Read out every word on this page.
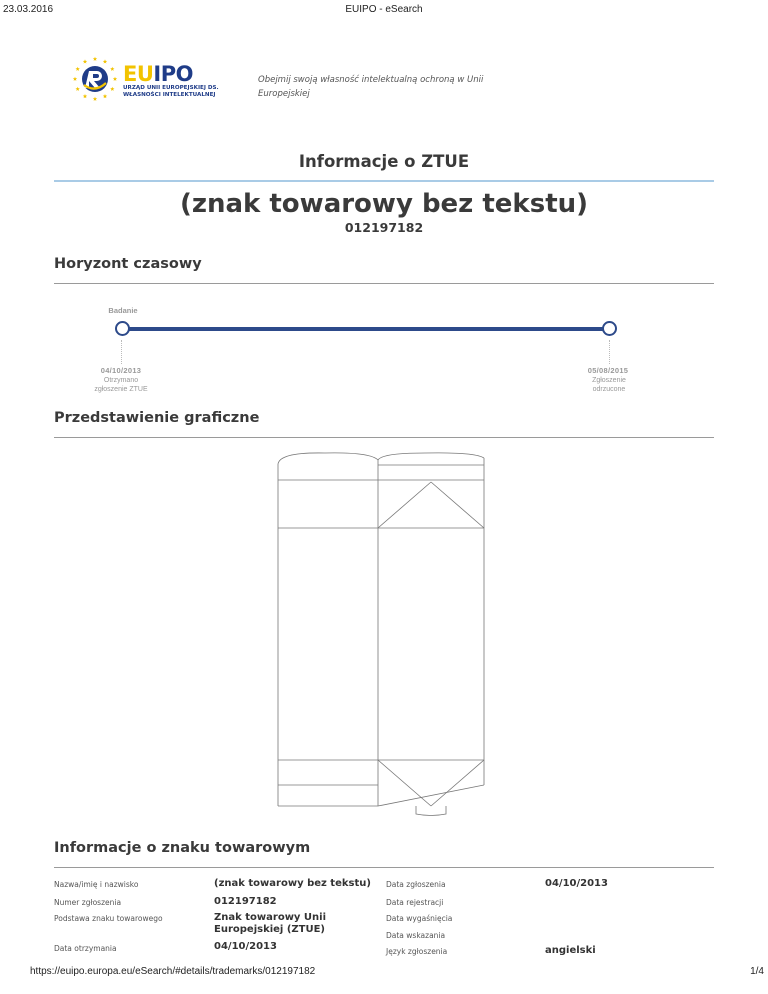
23.03.2016	EUIPO - eSearch
EUIPO
URZĄD UNII EUROPEJSKIEJ DS.
WŁASNOŚCI INTELEKTUALNEJ
Obejmij swoją własność intelektualną ochroną w Unii Europejskiej
Informacje o ZTUE
(znak towarowy bez tekstu)
012197182
Horyzont czasowy
Badanie
04/10/2013
Otrzymano
zgłoszenie ZTUE
05/08/2015
Zgłoszenie
odrzucone
Przedstawienie graficzne
Informacje o znaku towarowym
Nazwa/imię i nazwisko	(znak towarowy bez tekstu)
Numer zgłoszenia	012197182
Podstawa znaku towarowego	Znak towarowy Unii Europejskiej (ZTUE)
Data otrzymania	04/10/2013
Data zgłoszenia	04/10/2013
Data rejestracji
Data wygaśnięcia
Data wskazania
Język zgłoszenia	angielski
https://euipo.europa.eu/eSearch/#details/trademarks/012197182	1/4
